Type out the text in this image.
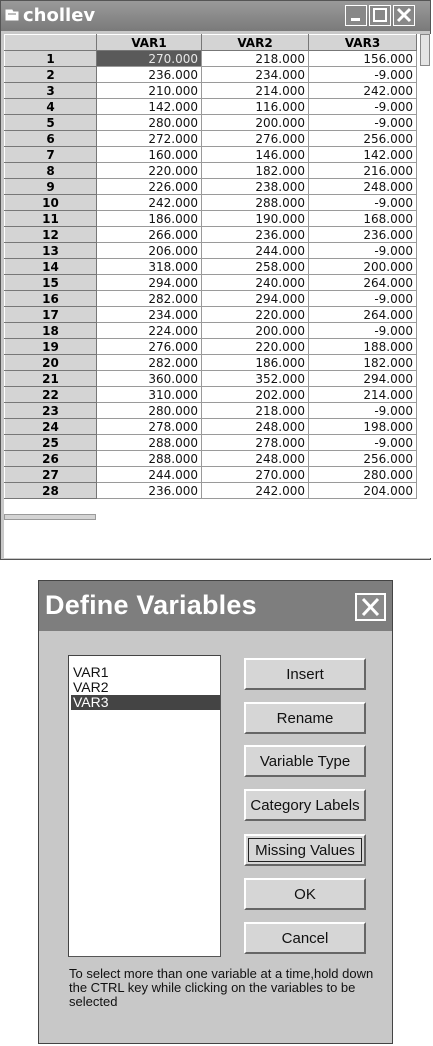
chollev
	VAR1	VAR2	VAR3
1	270.000	218.000	156.000
2	236.000	234.000	-9.000
3	210.000	214.000	242.000
4	142.000	116.000	-9.000
5	280.000	200.000	-9.000
6	272.000	276.000	256.000
7	160.000	146.000	142.000
8	220.000	182.000	216.000
9	226.000	238.000	248.000
10	242.000	288.000	-9.000
11	186.000	190.000	168.000
12	266.000	236.000	236.000
13	206.000	244.000	-9.000
14	318.000	258.000	200.000
15	294.000	240.000	264.000
16	282.000	294.000	-9.000
17	234.000	220.000	264.000
18	224.000	200.000	-9.000
19	276.000	220.000	188.000
20	282.000	186.000	182.000
21	360.000	352.000	294.000
22	310.000	202.000	214.000
23	280.000	218.000	-9.000
24	278.000	248.000	198.000
25	288.000	278.000	-9.000
26	288.000	248.000	256.000
27	244.000	270.000	280.000
28	236.000	242.000	204.000
Define Variables
VAR1
VAR2
VAR3
Insert
Rename
Variable Type
Category Labels
Missing Values
OK
Cancel
To select more than one variable at a time,hold down the CTRL key while clicking on the variables to be selected
